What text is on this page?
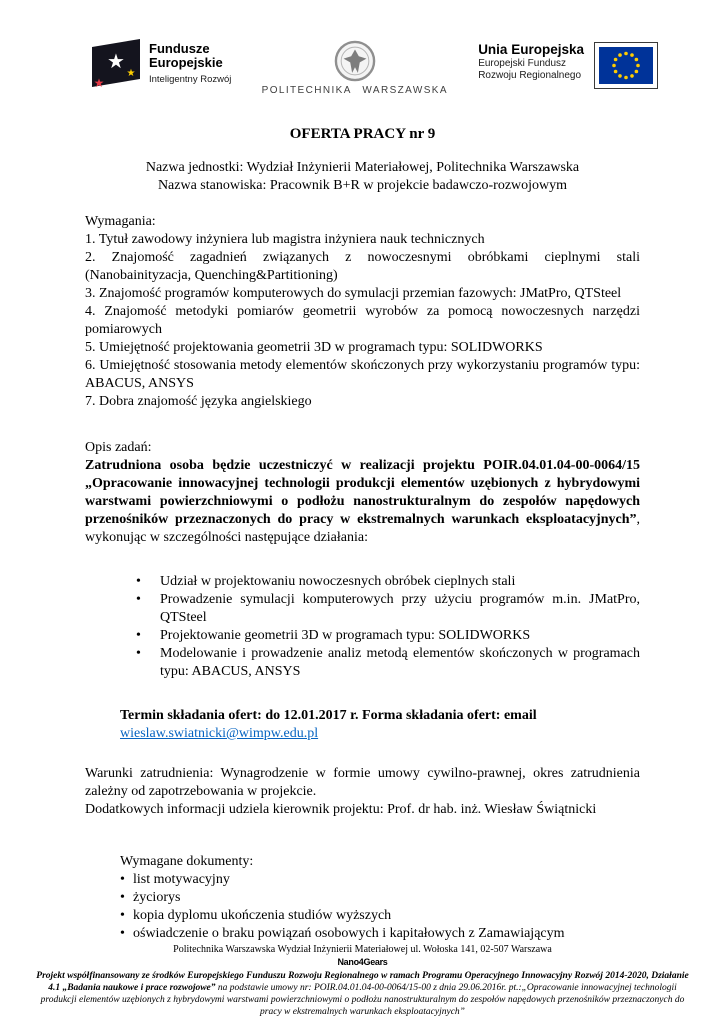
★
★
★
Fundusze
Europejskie
Inteligentny Rozwój
POLITECHNIKA WARSZAWSKA
Unia Europejska
Europejski Fundusz
Rozwoju Regionalnego
OFERTA PRACY nr 9
Nazwa jednostki: Wydział Inżynierii Materiałowej, Politechnika Warszawska
Nazwa stanowiska: Pracownik B+R w projekcie badawczo-rozwojowym

Wymagania:

1. Tytuł zawodowy inżyniera lub magistra inżyniera nauk technicznych

2. Znajomość zagadnień związanych z nowoczesnymi obróbkami cieplnymi stali (Nanobainityzacja, Quenching&Partitioning)

3. Znajomość programów komputerowych do symulacji przemian fazowych: JMatPro, QTSteel

4. Znajomość metodyki pomiarów geometrii wyrobów za pomocą nowoczesnych narzędzi pomiarowych

5. Umiejętność projektowania geometrii 3D w programach typu: SOLIDWORKS

6. Umiejętność stosowania metody elementów skończonych przy wykorzystaniu programów typu: ABACUS, ANSYS

7. Dobra znajomość języka angielskiego

Opis zadań:

Zatrudniona osoba będzie uczestniczyć w realizacji projektu POIR.04.01.04-00-0064/15 „Opracowanie innowacyjnej technologii produkcji elementów uzębionych z hybrydowymi warstwami powierzchniowymi o podłożu nanostrukturalnym do zespołów napędowych przenośników przeznaczonych do pracy w ekstremalnych warunkach eksploatacyjnych”, wykonując w szczególności następujące działania:

• Udział w projektowaniu nowoczesnych obróbek cieplnych stali
• Prowadzenie symulacji komputerowych przy użyciu programów m.in. JMatPro, QTSteel
• Projektowanie geometrii 3D w programach typu: SOLIDWORKS
• Modelowanie i prowadzenie analiz metodą elementów skończonych w programach typu: ABACUS, ANSYS
Termin składania ofert: do 12.01.2017 r. Forma składania ofert: email
wieslaw.swiatnicki@wimpw.edu.pl

Warunki zatrudnienia: Wynagrodzenie w formie umowy cywilno-prawnej, okres zatrudnienia zależny od zapotrzebowania w projekcie.

Dodatkowych informacji udziela kierownik projektu: Prof. dr hab. inż. Wiesław Świątnicki

Wymagane dokumenty:

• list motywacyjny
• życiorys
• kopia dyplomu ukończenia studiów wyższych
• oświadczenie o braku powiązań osobowych i kapitałowych z Zamawiającym
Politechnika Warszawska Wydział Inżynierii Materiałowej ul. Wołoska 141, 02-507 Warszawa
Nano4Gears

Projekt współfinansowany ze środków Europejskiego Funduszu Rozwoju Regionalnego w ramach Programu Operacyjnego Innowacyjny Rozwój 2014-2020, Działanie 4.1 „Badania naukowe i prace rozwojowe” na podstawie umowy nr: POIR.04.01.04-00-0064/15-00 z dnia 29.06.2016r. pt.:„Opracowanie innowacyjnej technologii produkcji elementów uzębionych z hybrydowymi warstwami powierzchniowymi o podłożu nanostrukturalnym do zespołów napędowych przenośników przeznaczonych do pracy w ekstremalnych warunkach eksploatacyjnych”
